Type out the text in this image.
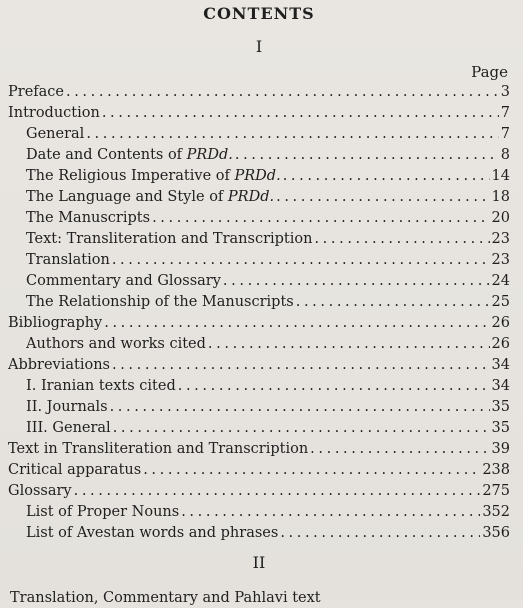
CONTENTS
I
Page
Preface . . .	3
Introduction . . .	7
General . . .	7
Date and Contents of PRDd. . . .	8
The Religious Imperative of PRDd. . . .	14
The Language and Style of PRDd. . . .	18
The Manuscripts . . .	20
Text: Transliteration and Transcription . . .	23
Translation . . .	23
Commentary and Glossary . . .	24
The Relationship of the Manuscripts . . .	25
Bibliography . . .	26
Authors and works cited . . .	26
Abbreviations . . .	34
I. Iranian texts cited . . .	34
II. Journals . . .	35
III. General . . .	35
Text in Transliteration and Transcription . . .	39
Critical apparatus . . .	238
Glossary . . .	275
List of Proper Nouns . . .	352
List of Avestan words and phrases . . .	356
II
Translation, Commentary and Pahlavi text
